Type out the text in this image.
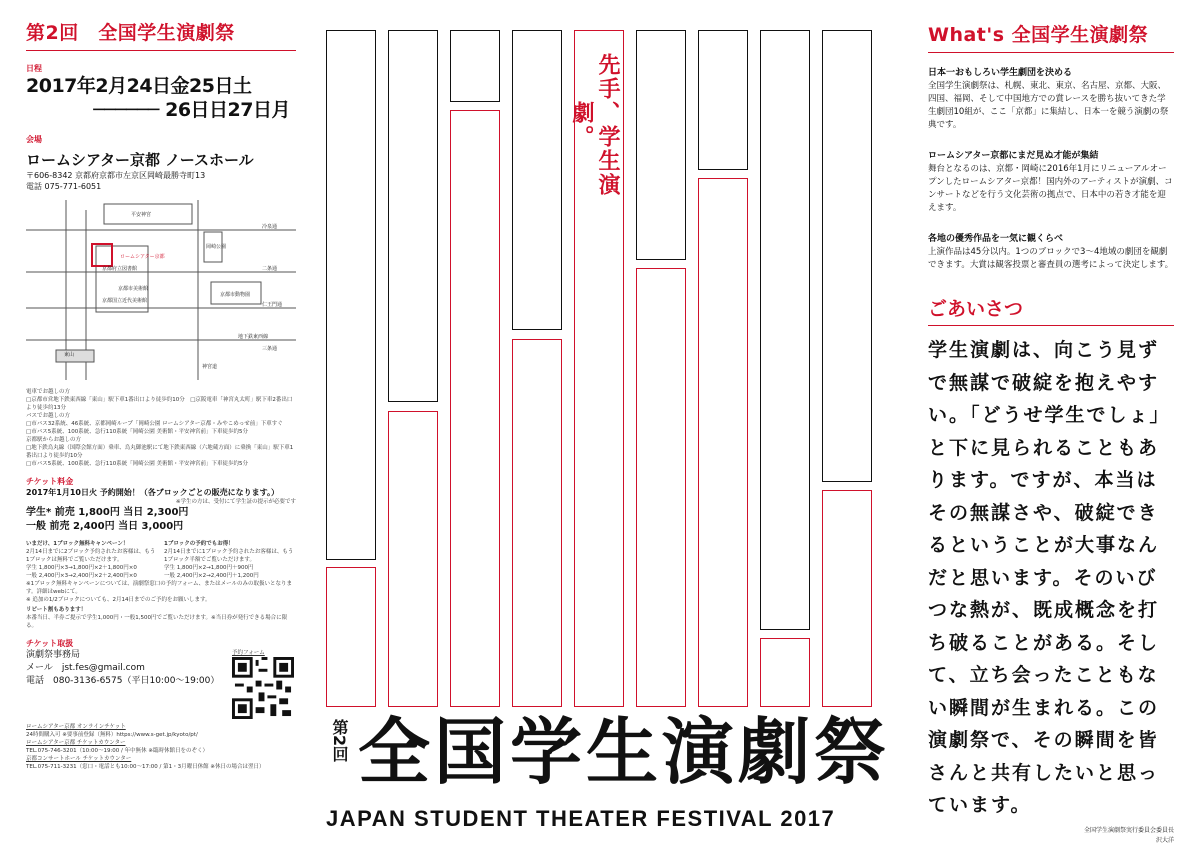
第2回　全国学生演劇祭
日程
2017年2月24日金25日土
────── 26日日27日月
会場
ロームシアター京都 ノースホール
〒606-8342 京都府京都市左京区岡崎最勝寺町13
電話 075-771-6051
平安神宮
冷泉通
岡崎公園
ロームシアター京都
京都市美術館
京都市動物園
二条通
仁王門通
東山
地下鉄東西線
三条通
京都府立図書館
京都国立近代美術館
神宮道
電車でお越しの方
□京都市営地下鉄東西線「東山」駅下車1番出口より徒歩約10分　□京阪電車「神宮丸太町」駅下車2番出口より徒歩約13分
バスでお越しの方
□市バス32系統、46系統、京都岡崎ループ「岡崎公園 ロームシアター京都・みやこめっせ前」下車すぐ
□市バス5系統、100系統、急行110系統「岡崎公園 美術館・平安神宮前」下車徒歩約5分
京都駅からお越しの方
□地下鉄烏丸線（国際会館方面）乗車、烏丸御池駅にて地下鉄東西線（六地蔵方面）に乗換「東山」駅下車1番出口より徒歩約10分
□市バス5系統、100系統、急行110系統「岡崎公園 美術館・平安神宮前」下車徒歩約5分
チケット料金
2017年1月10日火 予約開始！（各ブロックごとの販売になります。）
※学生の方は、受付にて学生証の提示が必要です
学生* 前売 1,800円 当日 2,300円
一般 前売 2,400円 当日 3,000円
いまだけ、1ブロック無料キャンペーン！
2月14日までに2ブロック予約されたお客様は、もう1ブロックは無料でご覧いただけます。
学生 1,800円×3→1,800円×2＋1,800円×0
一般 2,400円×3→2,400円×2＋2,400円×0
1ブロックの予約でもお得！
2月14日までに1ブロック予約されたお客様は、もう1ブロック半額でご覧いただけます。
学生 1,800円×2→1,800円＋900円
一般 2,400円×2→2,400円＋1,200円
※1ブロック無料キャンペーンについては、演劇祭窓口の予約フォーム、またはメールのみの取扱いとなります。詳細はwebにて。
※ 追加の1/2ブロックについても、2月14日までのご予約をお願いします。
リピート割もあります！
本番当日、半券ご提示で学生1,000円・一般1,500円でご覧いただけます。※当日券が発行できる場合に限る。
チケット取扱
演劇祭事務局
メール　jst.fes@gmail.com
電話　080-3136-6575（平日10:00〜19:00）
予約フォーム
ロームシアター京都 オンラインチケット
24時間購入可 ※要事前登録（無料）https://www.s-get.jp/kyoto/pt/
ロームシアター京都 チケットカウンター
TEL.075-746-3201（10:00〜19:00 / 年中無休 ※臨時休館日をのぞく）
京都コンサートホール チケットカウンター
TEL.075-711-3231（窓口・電話とも10:00〜17:00 / 第1・3月曜日休館 ※休日の場合は翌日）
先手、学生演劇。
第2回 全国学生演劇祭
JAPAN STUDENT THEATER FESTIVAL 2017
What's 全国学生演劇祭
日本一おもしろい学生劇団を決める
全国学生演劇祭は、札幌、東北、東京、名古屋、京都、大阪、四国、福岡、そして中国地方での賞レースを勝ち抜いてきた学生劇団10組が、ここ「京都」に集結し、日本一を競う演劇の祭典です。
ロームシアター京都にまだ見ぬ才能が集結
舞台となるのは、京都・岡崎に2016年1月にリニューアルオープンしたロームシアター京都！国内外のアーティストが演劇、コンサートなどを行う文化芸術の拠点で、日本中の若き才能を迎えます。
各地の優秀作品を一気に観くらべ
上演作品は45分以内。1つのブロックで3〜4地域の劇団を観劇できます。大賞は観客投票と審査員の選考によって決定します。
ごあいさつ
学生演劇は、向こう見ずで無謀で破綻を抱えやすい。「どうせ学生でしょ」と下に見られることもあります。ですが、本当はその無謀さや、破綻できるということが大事なんだと思います。そのいびつな熱が、既成概念を打ち破ることがある。そして、立ち会ったこともない瞬間が生まれる。この演劇祭で、その瞬間を皆さんと共有したいと思っています。
全国学生演劇祭実行委員会委員長
沢大洋
